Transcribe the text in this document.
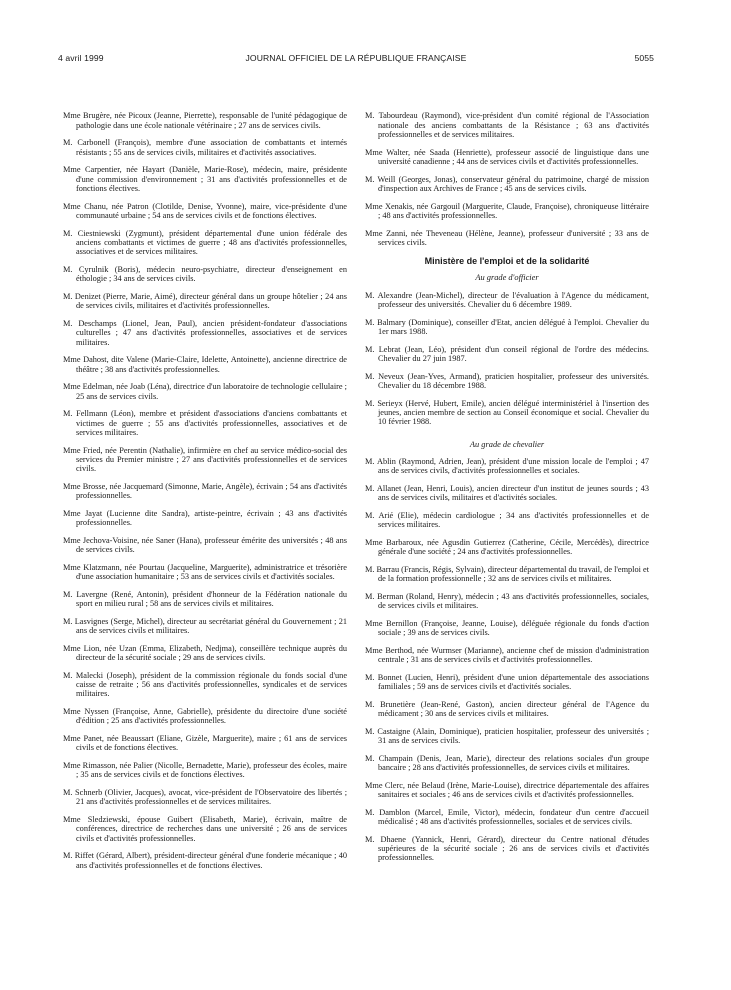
4 avril 1999	JOURNAL OFFICIEL DE LA RÉPUBLIQUE FRANÇAISE	5055

Mme Brugère, née Picoux (Jeanne, Pierrette), responsable de l'unité pédagogique de pathologie dans une école nationale vétérinaire ; 27 ans de services civils.

M. Carbonell (François), membre d'une association de combattants et internés résistants ; 55 ans de services civils, militaires et d'activités associatives.

Mme Carpentier, née Hayart (Danièle, Marie-Rose), médecin, maire, présidente d'une commission d'environnement ; 31 ans d'activités professionnelles et de fonctions électives.

Mme Chanu, née Patron (Clotilde, Denise, Yvonne), maire, vice-présidente d'une communauté urbaine ; 54 ans de services civils et de fonctions électives.

M. Ciestniewski (Zygmunt), président départemental d'une union fédérale des anciens combattants et victimes de guerre ; 48 ans d'activités professionnelles, associatives et de services militaires.

M. Cyrulnik (Boris), médecin neuro-psychiatre, directeur d'enseignement en éthologie ; 34 ans de services civils.

M. Denizet (Pierre, Marie, Aimé), directeur général dans un groupe hôtelier ; 24 ans de services civils, militaires et d'activités professionnelles.

M. Deschamps (Lionel, Jean, Paul), ancien président-fondateur d'associations culturelles ; 47 ans d'activités professionnelles, associatives et de services militaires.

Mme Dahost, dite Valene (Marie-Claire, Idelette, Antoinette), ancienne directrice de théâtre ; 38 ans d'activités professionnelles.

Mme Edelman, née Joab (Léna), directrice d'un laboratoire de technologie cellulaire ; 25 ans de services civils.

M. Fellmann (Léon), membre et président d'associations d'anciens combattants et victimes de guerre ; 55 ans d'activités professionnelles, associatives et de services militaires.

Mme Fried, née Perentin (Nathalie), infirmière en chef au service médico-social des services du Premier ministre ; 27 ans d'activités professionnelles et de services civils.

Mme Brosse, née Jacquemard (Simonne, Marie, Angèle), écrivain ; 54 ans d'activités professionnelles.

Mme Jayat (Lucienne dite Sandra), artiste-peintre, écrivain ; 43 ans d'activités professionnelles.

Mme Jechova-Voisine, née Saner (Hana), professeur émérite des universités ; 48 ans de services civils.

Mme Klatzmann, née Pourtau (Jacqueline, Marguerite), administratrice et trésorière d'une association humanitaire ; 53 ans de services civils et d'activités sociales.

M. Lavergne (René, Antonin), président d'honneur de la Fédération nationale du sport en milieu rural ; 58 ans de services civils et militaires.

M. Lasvignes (Serge, Michel), directeur au secrétariat général du Gouvernement ; 21 ans de services civils et militaires.

Mme Lion, née Uzan (Emma, Elizabeth, Nedjma), conseillère technique auprès du directeur de la sécurité sociale ; 29 ans de services civils.

M. Malecki (Joseph), président de la commission régionale du fonds social d'une caisse de retraite ; 56 ans d'activités professionnelles, syndicales et de services militaires.

Mme Nyssen (Françoise, Anne, Gabrielle), présidente du directoire d'une société d'édition ; 25 ans d'activités professionnelles.

Mme Panet, née Beaussart (Eliane, Gizèle, Marguerite), maire ; 61 ans de services civils et de fonctions électives.

Mme Rimasson, née Palier (Nicolle, Bernadette, Marie), professeur des écoles, maire ; 35 ans de services civils et de fonctions électives.

M. Schnerb (Olivier, Jacques), avocat, vice-président de l'Observatoire des libertés ; 21 ans d'activités professionnelles et de services militaires.

Mme Sledziewski, épouse Guibert (Elisabeth, Marie), écrivain, maître de conférences, directrice de recherches dans une université ; 26 ans de services civils et d'activités professionnelles.

M. Riffet (Gérard, Albert), président-directeur général d'une fonderie mécanique ; 40 ans d'activités professionnelles et de fonctions électives.

M. Tabourdeau (Raymond), vice-président d'un comité régional de l'Association nationale des anciens combattants de la Résistance ; 63 ans d'activités professionnelles et de services militaires.

Mme Walter, née Saada (Henriette), professeur associé de linguistique dans une université canadienne ; 44 ans de services civils et d'activités professionnelles.

M. Weill (Georges, Jonas), conservateur général du patrimoine, chargé de mission d'inspection aux Archives de France ; 45 ans de services civils.

Mme Xenakis, née Gargouil (Marguerite, Claude, Françoise), chroniqueuse littéraire ; 48 ans d'activités professionnelles.

Mme Zanni, née Theveneau (Hélène, Jeanne), professeur d'université ; 33 ans de services civils.

Ministère de l'emploi et de la solidarité
Au grade d'officier

M. Alexandre (Jean-Michel), directeur de l'évaluation à l'Agence du médicament, professeur des universités. Chevalier du 6 décembre 1989.

M. Balmary (Dominique), conseiller d'Etat, ancien délégué à l'emploi. Chevalier du 1er mars 1988.

M. Lebrat (Jean, Léo), président d'un conseil régional de l'ordre des médecins. Chevalier du 27 juin 1987.

M. Neveux (Jean-Yves, Armand), praticien hospitalier, professeur des universités. Chevalier du 18 décembre 1988.

M. Serieyx (Hervé, Hubert, Emile), ancien délégué interministériel à l'insertion des jeunes, ancien membre de section au Conseil économique et social. Chevalier du 10 février 1988.

Au grade de chevalier

M. Ablin (Raymond, Adrien, Jean), président d'une mission locale de l'emploi ; 47 ans de services civils, d'activités professionnelles et sociales.

M. Allanet (Jean, Henri, Louis), ancien directeur d'un institut de jeunes sourds ; 43 ans de services civils, militaires et d'activités sociales.

M. Arié (Elie), médecin cardiologue ; 34 ans d'activités professionnelles et de services militaires.

Mme Barbaroux, née Agusdin Gutierrez (Catherine, Cécile, Mercédès), directrice générale d'une société ; 24 ans d'activités professionnelles.

M. Barrau (Francis, Régis, Sylvain), directeur départemental du travail, de l'emploi et de la formation professionnelle ; 32 ans de services civils et militaires.

M. Berman (Roland, Henry), médecin ; 43 ans d'activités professionnelles, sociales, de services civils et militaires.

Mme Bernillon (Françoise, Jeanne, Louise), déléguée régionale du fonds d'action sociale ; 39 ans de services civils.

Mme Berthod, née Wurmser (Marianne), ancienne chef de mission d'administration centrale ; 31 ans de services civils et d'activités professionnelles.

M. Bonnet (Lucien, Henri), président d'une union départementale des associations familiales ; 59 ans de services civils et d'activités sociales.

M. Brunetière (Jean-René, Gaston), ancien directeur général de l'Agence du médicament ; 30 ans de services civils et militaires.

M. Castaigne (Alain, Dominique), praticien hospitalier, professeur des universités ; 31 ans de services civils.

M. Champain (Denis, Jean, Marie), directeur des relations sociales d'un groupe bancaire ; 28 ans d'activités professionnelles, de services civils et militaires.

Mme Clerc, née Belaud (Irène, Marie-Louise), directrice départementale des affaires sanitaires et sociales ; 46 ans de services civils et d'activités professionnelles.

M. Damblon (Marcel, Emile, Victor), médecin, fondateur d'un centre d'accueil médicalisé ; 48 ans d'activités professionnelles, sociales et de services civils.

M. Dhaene (Yannick, Henri, Gérard), directeur du Centre national d'études supérieures de la sécurité sociale ; 26 ans de services civils et d'activités professionnelles.
